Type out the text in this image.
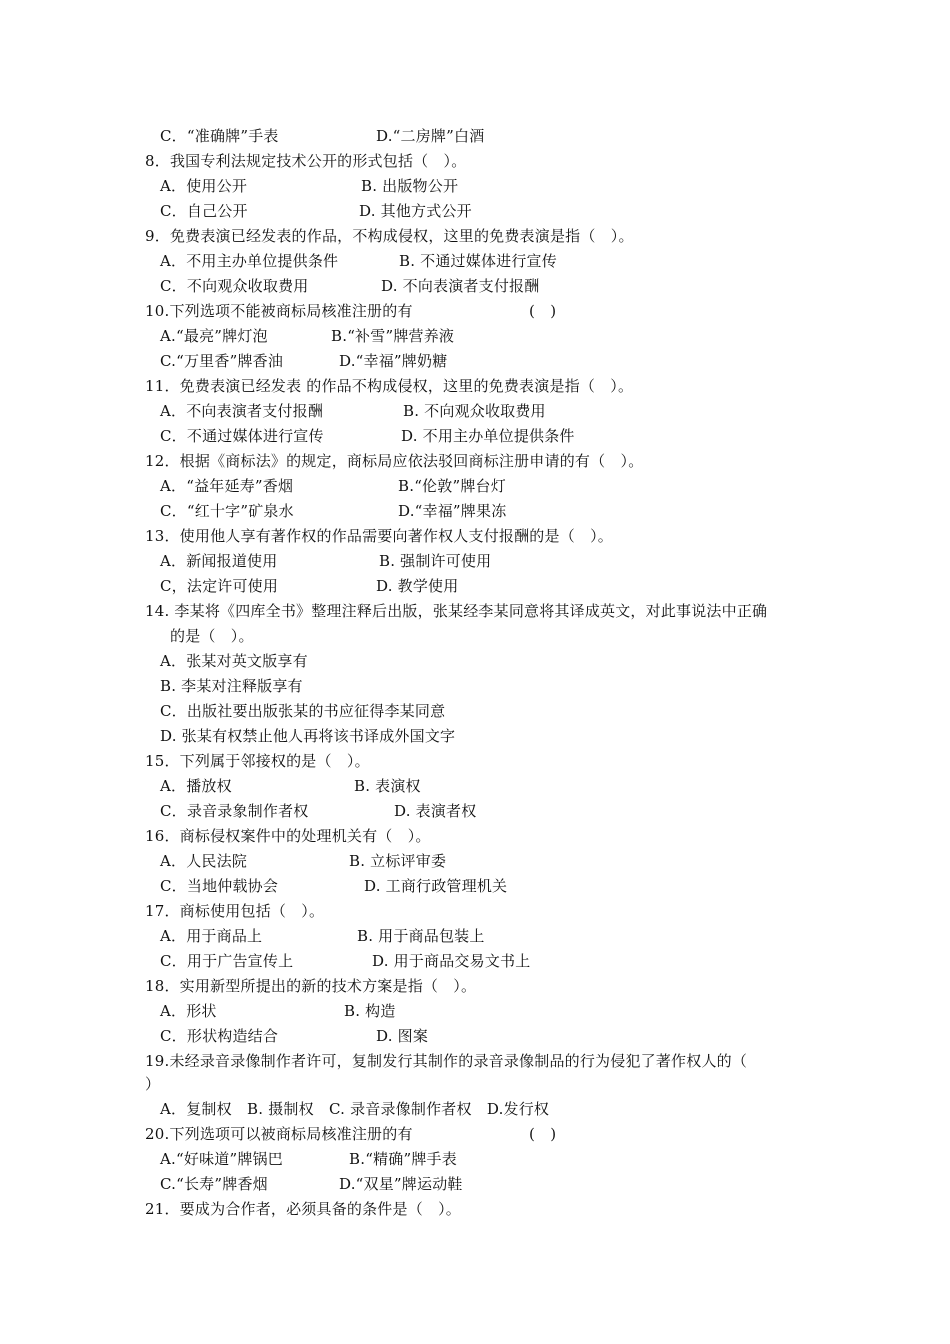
C．“准确牌”手表	D.“二房牌”白酒
8．我国专利法规定技术公开的形式包括（　）。
A．使用公开	B. 出版物公开
C．自己公开	D. 其他方式公开
9．免费表演已经发表的作品，不构成侵权，这里的免费表演是指（　）。
A．不用主办单位提供条件	B. 不通过媒体进行宣传
C．不向观众收取费用	D. 不向表演者支付报酬
10.下列选项不能被商标局核准注册的有	(　)
A.“最亮”牌灯泡	B.“补雪”牌营养液
C.“万里香”牌香油	D.“幸福”牌奶糖
11．免费表演已经发表 的作品不构成侵权，这里的免费表演是指（　）。
A．不向表演者支付报酬	B. 不向观众收取费用
C．不通过媒体进行宣传	D. 不用主办单位提供条件
12．根据《商标法》的规定，商标局应依法驳回商标注册申请的有（　）。
A．“益年延寿”香烟	B.“伦敦”牌台灯
C．“红十字”矿泉水	D.“幸福”牌果冻
13．使用他人享有著作权的作品需要向著作权人支付报酬的是（　）。
A．新闻报道使用	B. 强制许可使用
C，法定许可使用	D. 教学使用
14. 李某将《四库全书》整理注释后出版，张某经李某同意将其译成英文，对此事说法中正确
的是（　）。
A．张某对英文版享有
B. 李某对注释版享有
C．出版社要出版张某的书应征得李某同意
D. 张某有权禁止他人再将该书译成外国文字
15．下列属于邻接权的是（　）。
A．播放权	B. 表演权
C．录音录象制作者权	D. 表演者权
16．商标侵权案件中的处理机关有（　）。
A．人民法院	B. 立标评审委
C．当地仲载协会	D. 工商行政管理机关
17．商标使用包括（　）。
A．用于商品上	B. 用于商品包装上
C．用于广告宣传上	D. 用于商品交易文书上
18．实用新型所提出的新的技术方案是指（　）。
A．形状	B. 构造
C．形状构造结合	D. 图案
19.未经录音录像制作者许可，复制发行其制作的录音录像制品的行为侵犯了著作权人的（
）
A．复制权　B. 摄制权　C. 录音录像制作者权　D.发行权
20.下列选项可以被商标局核准注册的有	(　)
A.“好味道”牌锅巴	B.“精确”牌手表
C.“长寿”牌香烟	D.“双星”牌运动鞋
21．要成为合作者，必须具备的条件是（　）。
